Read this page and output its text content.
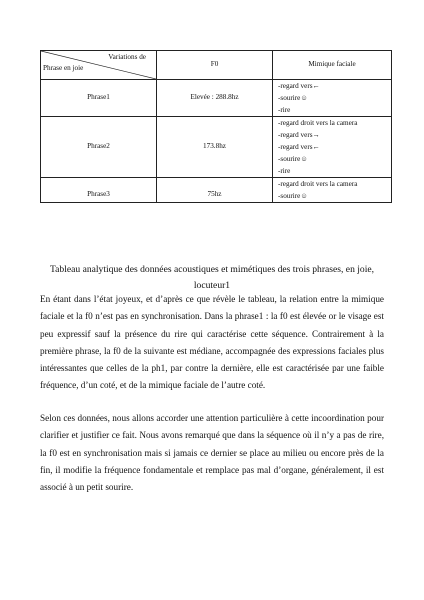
Variations de
Phrase en joie	F0	Mimique faciale
Phrase1	Elevée : 288.8hz	-regard vers←
-sourire☺
-rire

Phrase2	173.8hz	-regard droit vers la camera
-regard vers→
-regard vers←
-sourire☺
-rire

Phrase3	75hz	-regard droit vers la camera
-sourire☺
Tableau analytique des données acoustiques et mimétiques des trois phrases, en joie, locuteur1

En étant dans l’état joyeux, et d’après ce que révèle le tableau, la relation entre la mimique faciale et la f0 n’est pas en synchronisation. Dans la phrase1 : la f0 est élevée or le visage est peu expressif sauf la présence du rire qui caractérise cette séquence. Contrairement à la première phrase, la f0 de la suivante est médiane, accompagnée des expressions faciales plus intéressantes que celles de la ph1, par contre la dernière, elle est caractérisée par une faible fréquence, d’un coté, et de la mimique faciale de l’autre coté.

Selon ces données, nous allons accorder une attention particulière à cette incoordination pour clarifier et justifier ce fait. Nous avons remarqué que dans la séquence où il n’y a pas de rire, la f0 est en synchronisation mais si jamais ce dernier se place au milieu ou encore près de la fin, il modifie la fréquence fondamentale et remplace pas mal d’organe, généralement, il est associé à un petit sourire.
